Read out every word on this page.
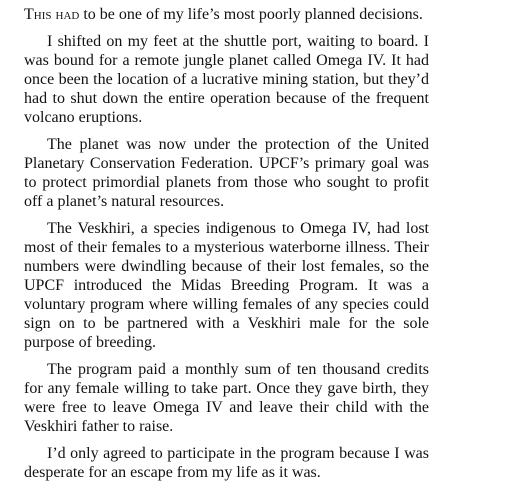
This had to be one of my life’s most poorly planned decisions.

I shifted on my feet at the shuttle port, waiting to board. I was bound for a remote jungle planet called Omega IV. It had once been the location of a lucrative mining station, but they’d had to shut down the entire operation because of the frequent volcano eruptions.

The planet was now under the protection of the United Planetary Conservation Federation. UPCF’s primary goal was to protect primordial planets from those who sought to profit off a planet’s natural resources.

The Veskhiri, a species indigenous to Omega IV, had lost most of their females to a mysterious waterborne illness. Their numbers were dwindling because of their lost females, so the UPCF introduced the Midas Breeding Program. It was a voluntary program where willing females of any species could sign on to be partnered with a Veskhiri male for the sole purpose of breeding.

The program paid a monthly sum of ten thousand credits for any female willing to take part. Once they gave birth, they were free to leave Omega IV and leave their child with the Veskhiri father to raise.

I’d only agreed to participate in the program because I was desperate for an escape from my life as it was.
